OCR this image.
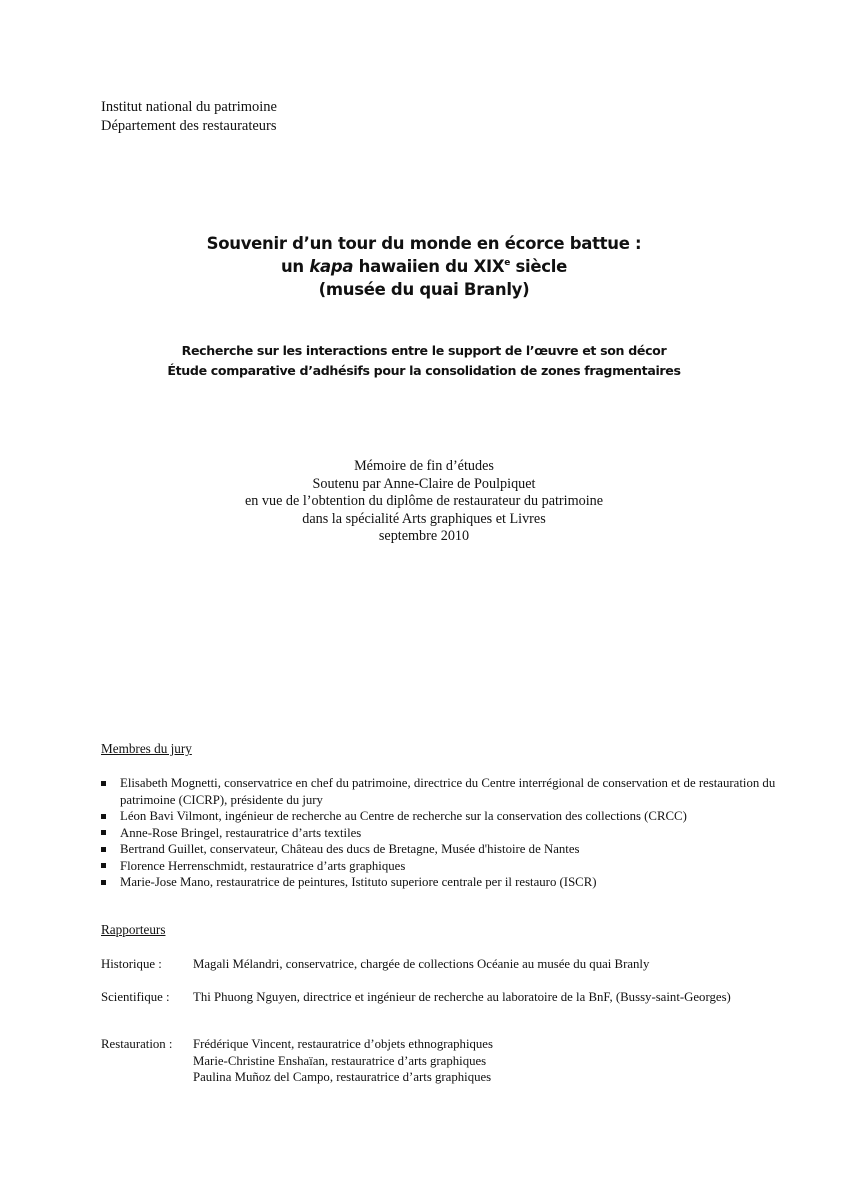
Institut national du patrimoine
Département des restaurateurs
Souvenir d’un tour du monde en écorce battue :
un kapa hawaiien du XIXe siècle
(musée du quai Branly)
Recherche sur les interactions entre le support de l’œuvre et son décor
Étude comparative d’adhésifs pour la consolidation de zones fragmentaires
Mémoire de fin d’études
Soutenu par Anne-Claire de Poulpiquet
en vue de l’obtention du diplôme de restaurateur du patrimoine
dans la spécialité Arts graphiques et Livres
septembre 2010
Membres du jury
Elisabeth Mognetti, conservatrice en chef du patrimoine, directrice du Centre interrégional de conservation et de restauration du patrimoine (CICRP), présidente du jury
Léon Bavi Vilmont, ingénieur de recherche au Centre de recherche sur la conservation des collections (CRCC)
Anne-Rose Bringel, restauratrice d’arts textiles
Bertrand Guillet, conservateur, Château des ducs de Bretagne, Musée d'histoire de Nantes
Florence Herrenschmidt, restauratrice d’arts graphiques
Marie-Jose Mano, restauratrice de peintures, Istituto superiore centrale per il restauro (ISCR)
Rapporteurs
Historique : Magali Mélandri, conservatrice, chargée de collections Océanie au musée du quai Branly
Scientifique : Thi Phuong Nguyen, directrice et ingénieur de recherche au laboratoire de la BnF, (Bussy-saint-Georges)
Restauration : Frédérique Vincent, restauratrice d’objets ethnographiques
Marie-Christine Enshaïan, restauratrice d’arts graphiques
Paulina Muñoz del Campo, restauratrice d’arts graphiques
